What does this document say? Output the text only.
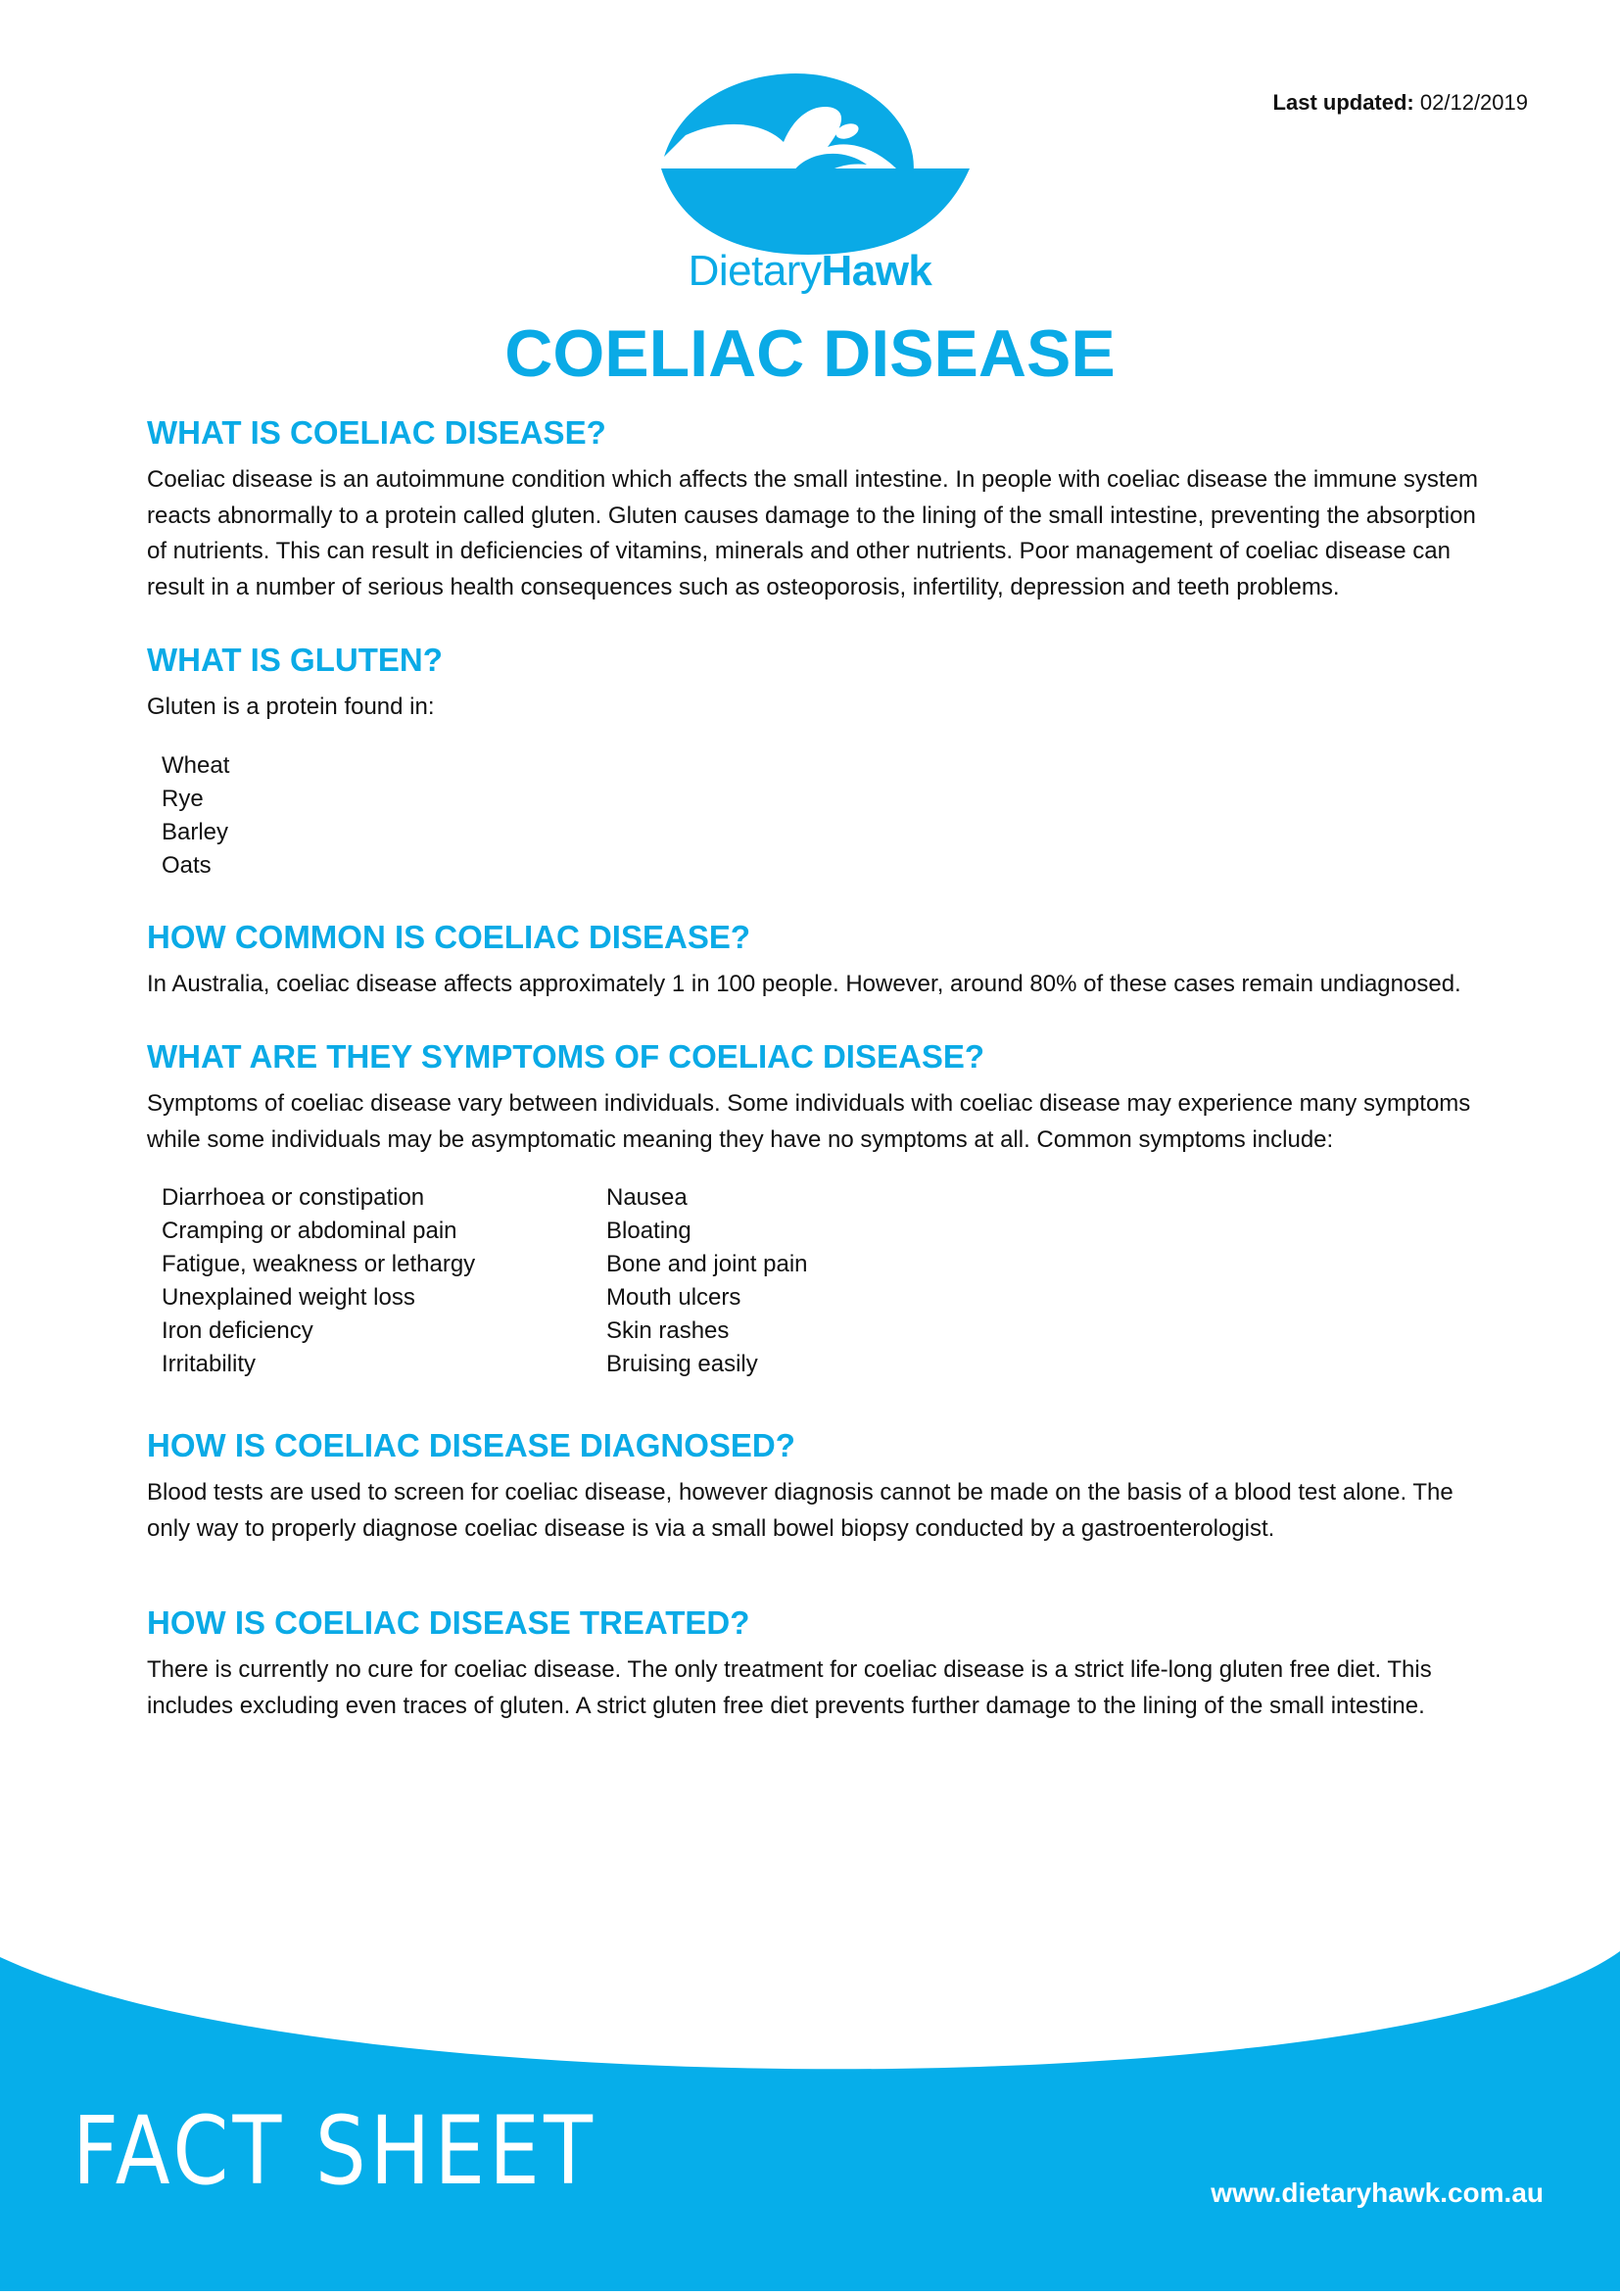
Last updated: 02/12/2019
DietaryHawk
COELIAC DISEASE
WHAT IS COELIAC DISEASE?

Coeliac disease is an autoimmune condition which affects the small intestine. In people with coeliac disease the immune system reacts abnormally to a protein called gluten. Gluten causes damage to the lining of the small intestine, preventing the absorption of nutrients. This can result in deficiencies of vitamins, minerals and other nutrients. Poor management of coeliac disease can result in a number of serious health consequences such as osteoporosis, infertility, depression and teeth problems.

WHAT IS GLUTEN?

Gluten is a protein found in:

Wheat
Rye
Barley
Oats
HOW COMMON IS COELIAC DISEASE?

In Australia, coeliac disease affects approximately 1 in 100 people. However, around 80% of these cases remain undiagnosed.

WHAT ARE THEY SYMPTOMS OF COELIAC DISEASE?

Symptoms of coeliac disease vary between individuals. Some individuals with coeliac disease may experience many symptoms while some individuals may be asymptomatic meaning they have no symptoms at all. Common symptoms include:

Diarrhoea or constipation
Cramping or abdominal pain
Fatigue, weakness or lethargy
Unexplained weight loss
Iron deficiency
Irritability
Nausea
Bloating
Bone and joint pain
Mouth ulcers
Skin rashes
Bruising easily
HOW IS COELIAC DISEASE DIAGNOSED?

Blood tests are used to screen for coeliac disease, however diagnosis cannot be made on the basis of a blood test alone. The only way to properly diagnose coeliac disease is via a small bowel biopsy conducted by a gastroenterologist.

HOW IS COELIAC DISEASE TREATED?

There is currently no cure for coeliac disease. The only treatment for coeliac disease is a strict life-long gluten free diet. This includes excluding even traces of gluten. A strict gluten free diet prevents further damage to the lining of the small intestine.

FACT SHEET	www.dietaryhawk.com.au
